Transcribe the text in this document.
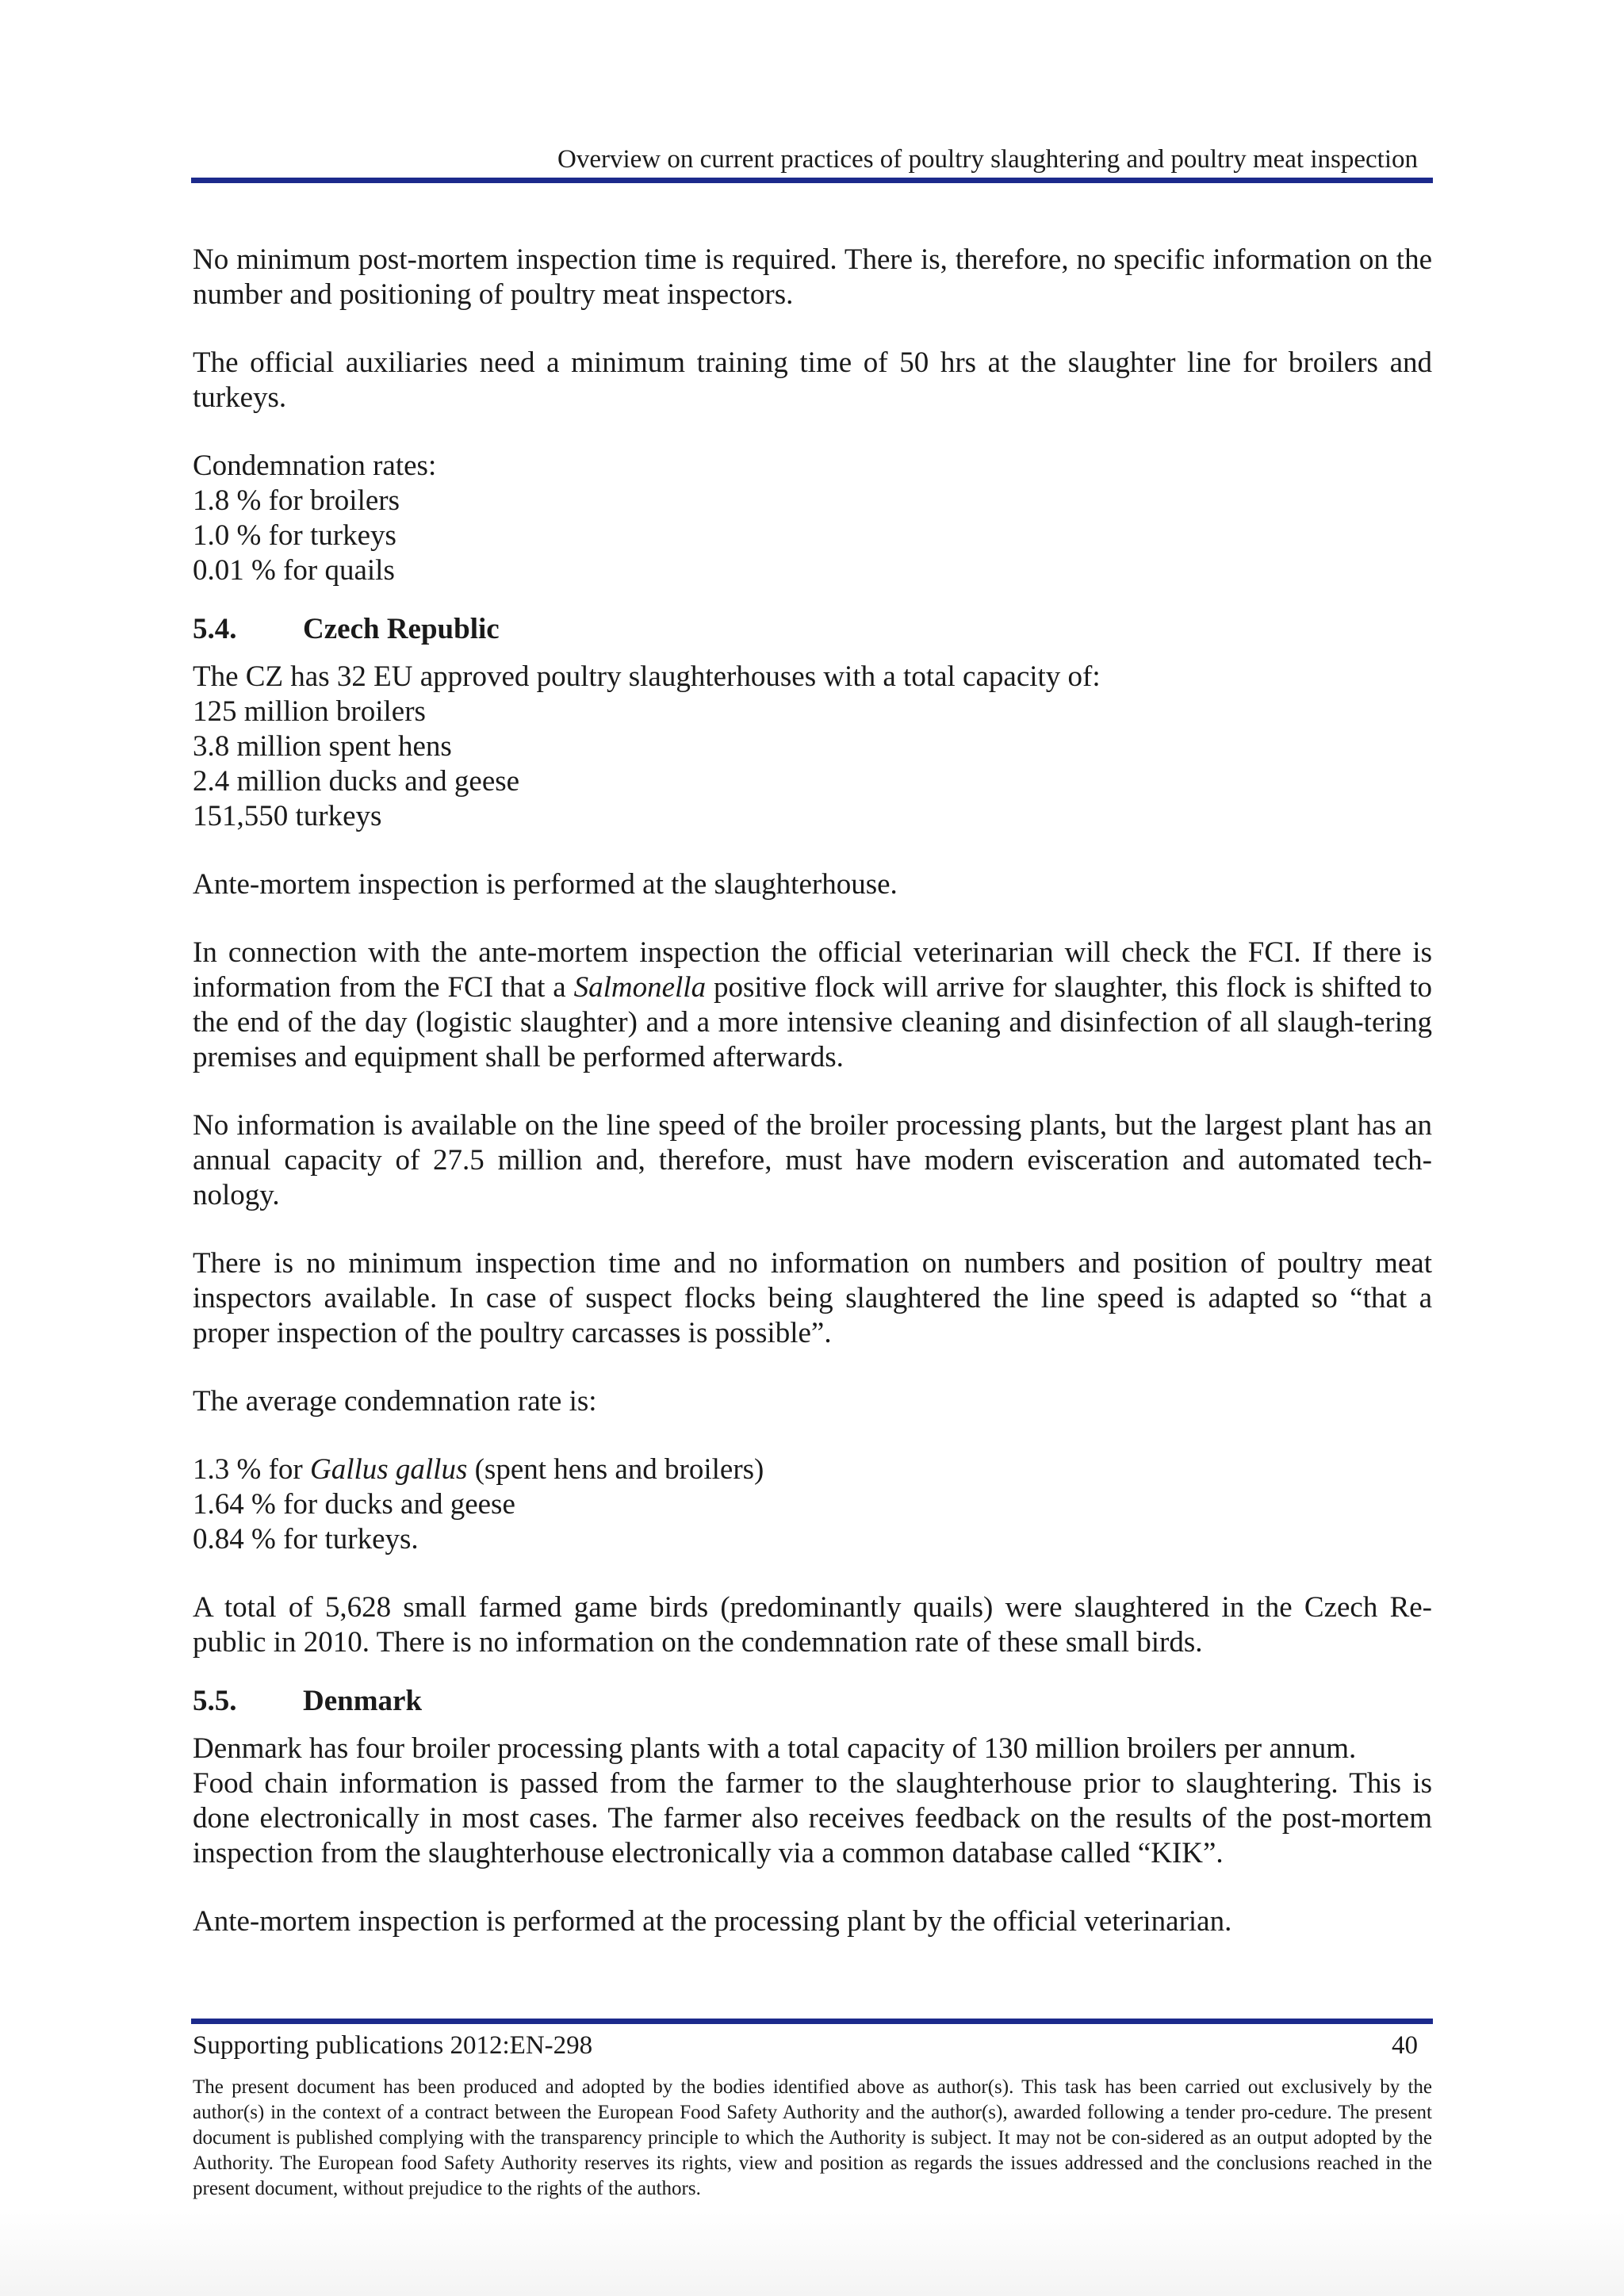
Overview on current practices of poultry slaughtering and poultry meat inspection

No minimum post-mortem inspection time is required. There is, therefore, no specific information on the number and positioning of poultry meat inspectors.

The official auxiliaries need a minimum training time of 50 hrs at the slaughter line for broilers and turkeys.

Condemnation rates:
1.8 % for broilers
1.0 % for turkeys
0.01 % for quails

5.4.	Czech Republic

The CZ has 32 EU approved poultry slaughterhouses with a total capacity of:
125 million broilers
3.8 million spent hens
2.4 million ducks and geese
151,550 turkeys

Ante-mortem inspection is performed at the slaughterhouse.

In connection with the ante-mortem inspection the official veterinarian will check the FCI. If there is information from the FCI that a Salmonella positive flock will arrive for slaughter, this flock is shifted to the end of the day (logistic slaughter) and a more intensive cleaning and disinfection of all slaugh-tering premises and equipment shall be performed afterwards.

No information is available on the line speed of the broiler processing plants, but the largest plant has an annual capacity of 27.5 million and, therefore, must have modern evisceration and automated tech-nology.

There is no minimum inspection time and no information on numbers and position of poultry meat inspectors available. In case of suspect flocks being slaughtered the line speed is adapted so “that a proper inspection of the poultry carcasses is possible”.

The average condemnation rate is:

1.3 % for Gallus gallus (spent hens and broilers)
1.64 % for ducks and geese
0.84 % for turkeys.

A total of 5,628 small farmed game birds (predominantly quails) were slaughtered in the Czech Re-public in 2010. There is no information on the condemnation rate of these small birds.

5.5.	Denmark

Denmark has four broiler processing plants with a total capacity of 130 million broilers per annum.
Food chain information is passed from the farmer to the slaughterhouse prior to slaughtering. This is done electronically in most cases. The farmer also receives feedback on the results of the post-mortem inspection from the slaughterhouse electronically via a common database called “KIK”.

Ante-mortem inspection is performed at the processing plant by the official veterinarian.

Supporting publications 2012:EN-298	40
The present document has been produced and adopted by the bodies identified above as author(s). This task has been carried out exclusively by the author(s) in the context of a contract between the European Food Safety Authority and the author(s), awarded following a tender pro-cedure. The present document is published complying with the transparency principle to which the Authority is subject. It may not be con-sidered as an output adopted by the Authority. The European food Safety Authority reserves its rights, view and position as regards the issues addressed and the conclusions reached in the present document, without prejudice to the rights of the authors.
